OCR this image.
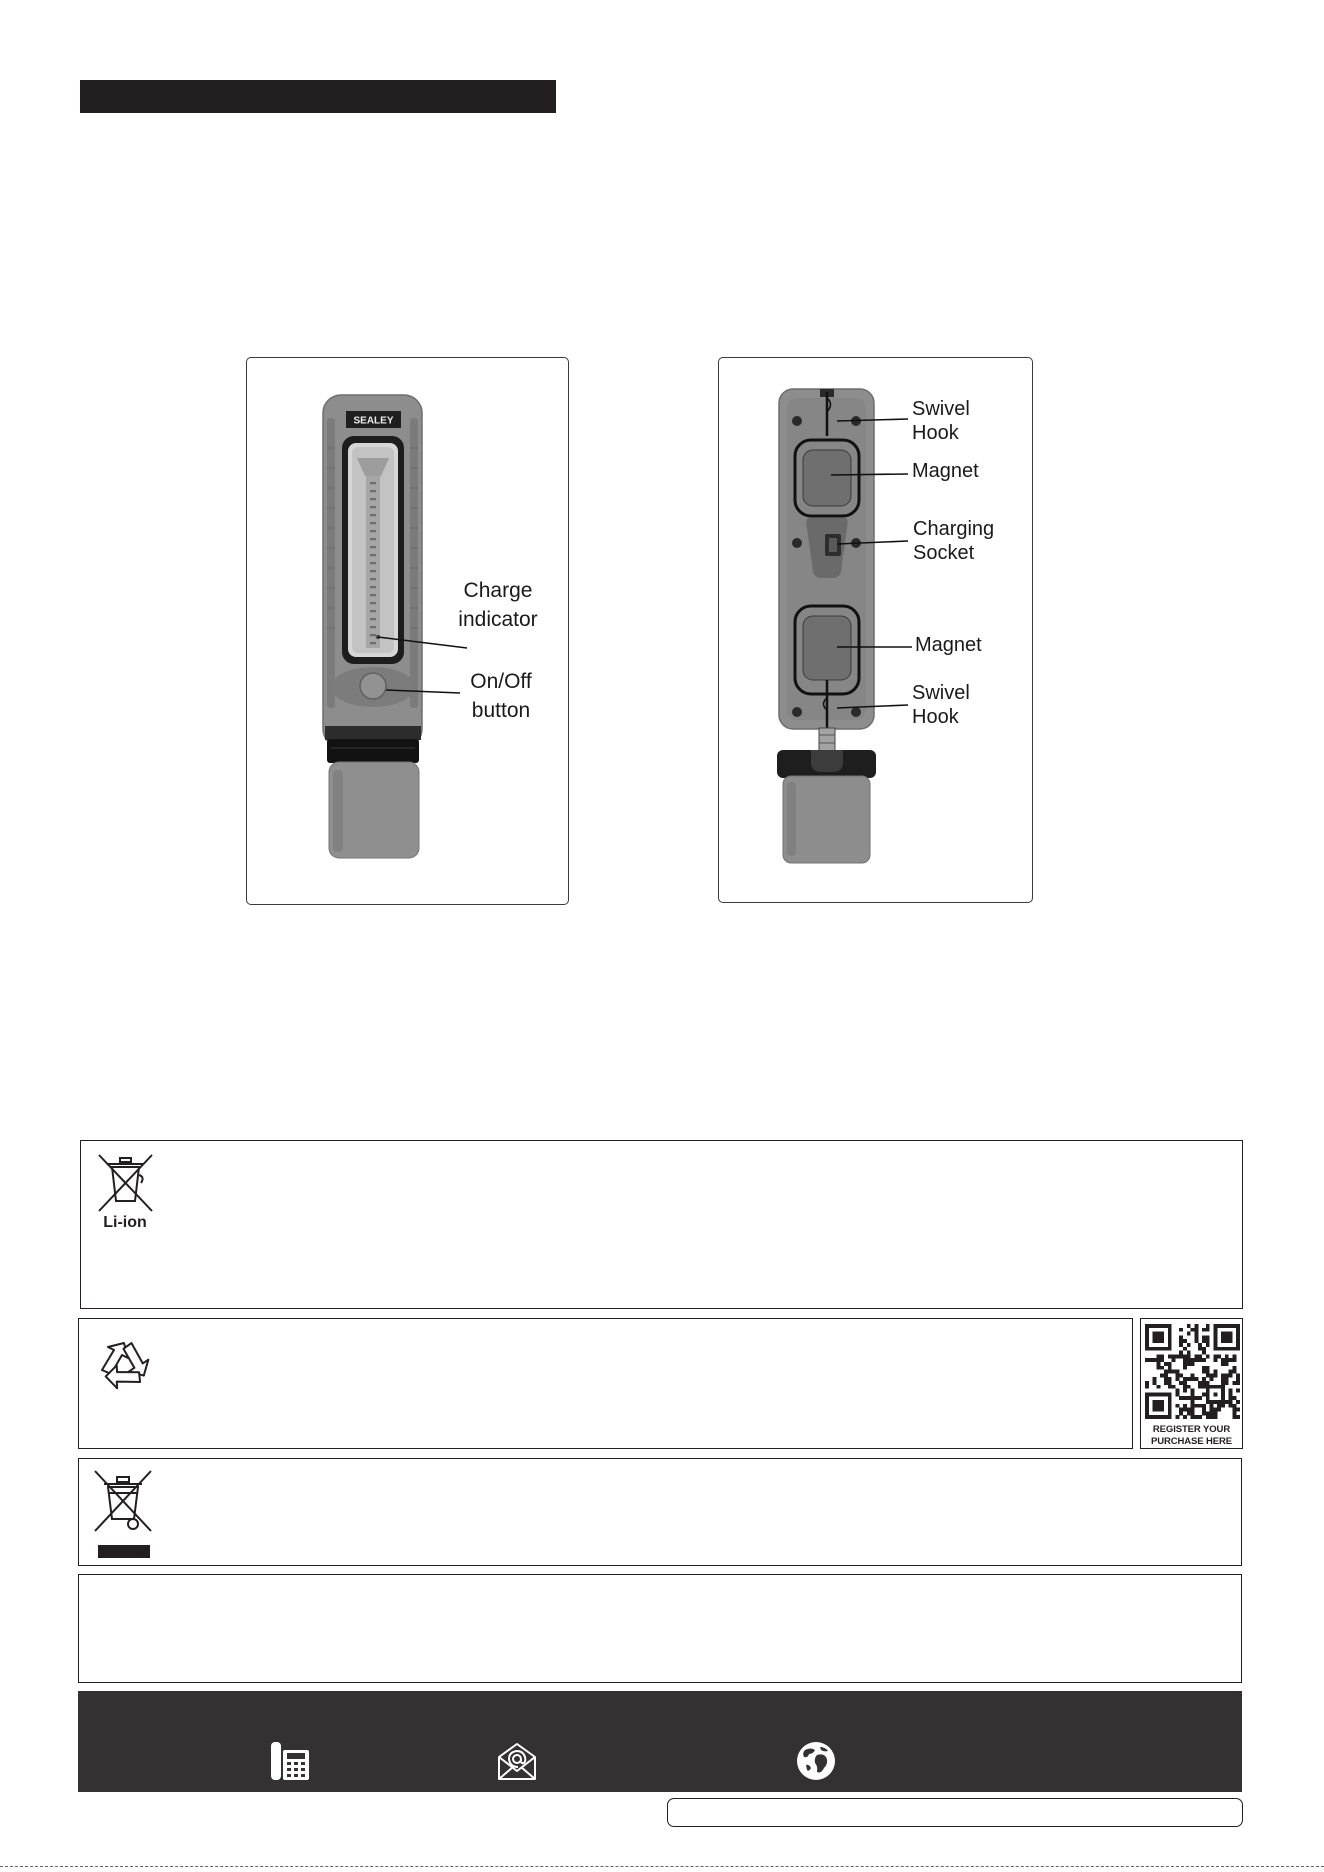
SEALEY
Charge indicator
On/Off button
Swivel Hook
Magnet
Charging Socket
Magnet
Swivel Hook
Li-ion
REGISTER YOUR
PURCHASE HERE
